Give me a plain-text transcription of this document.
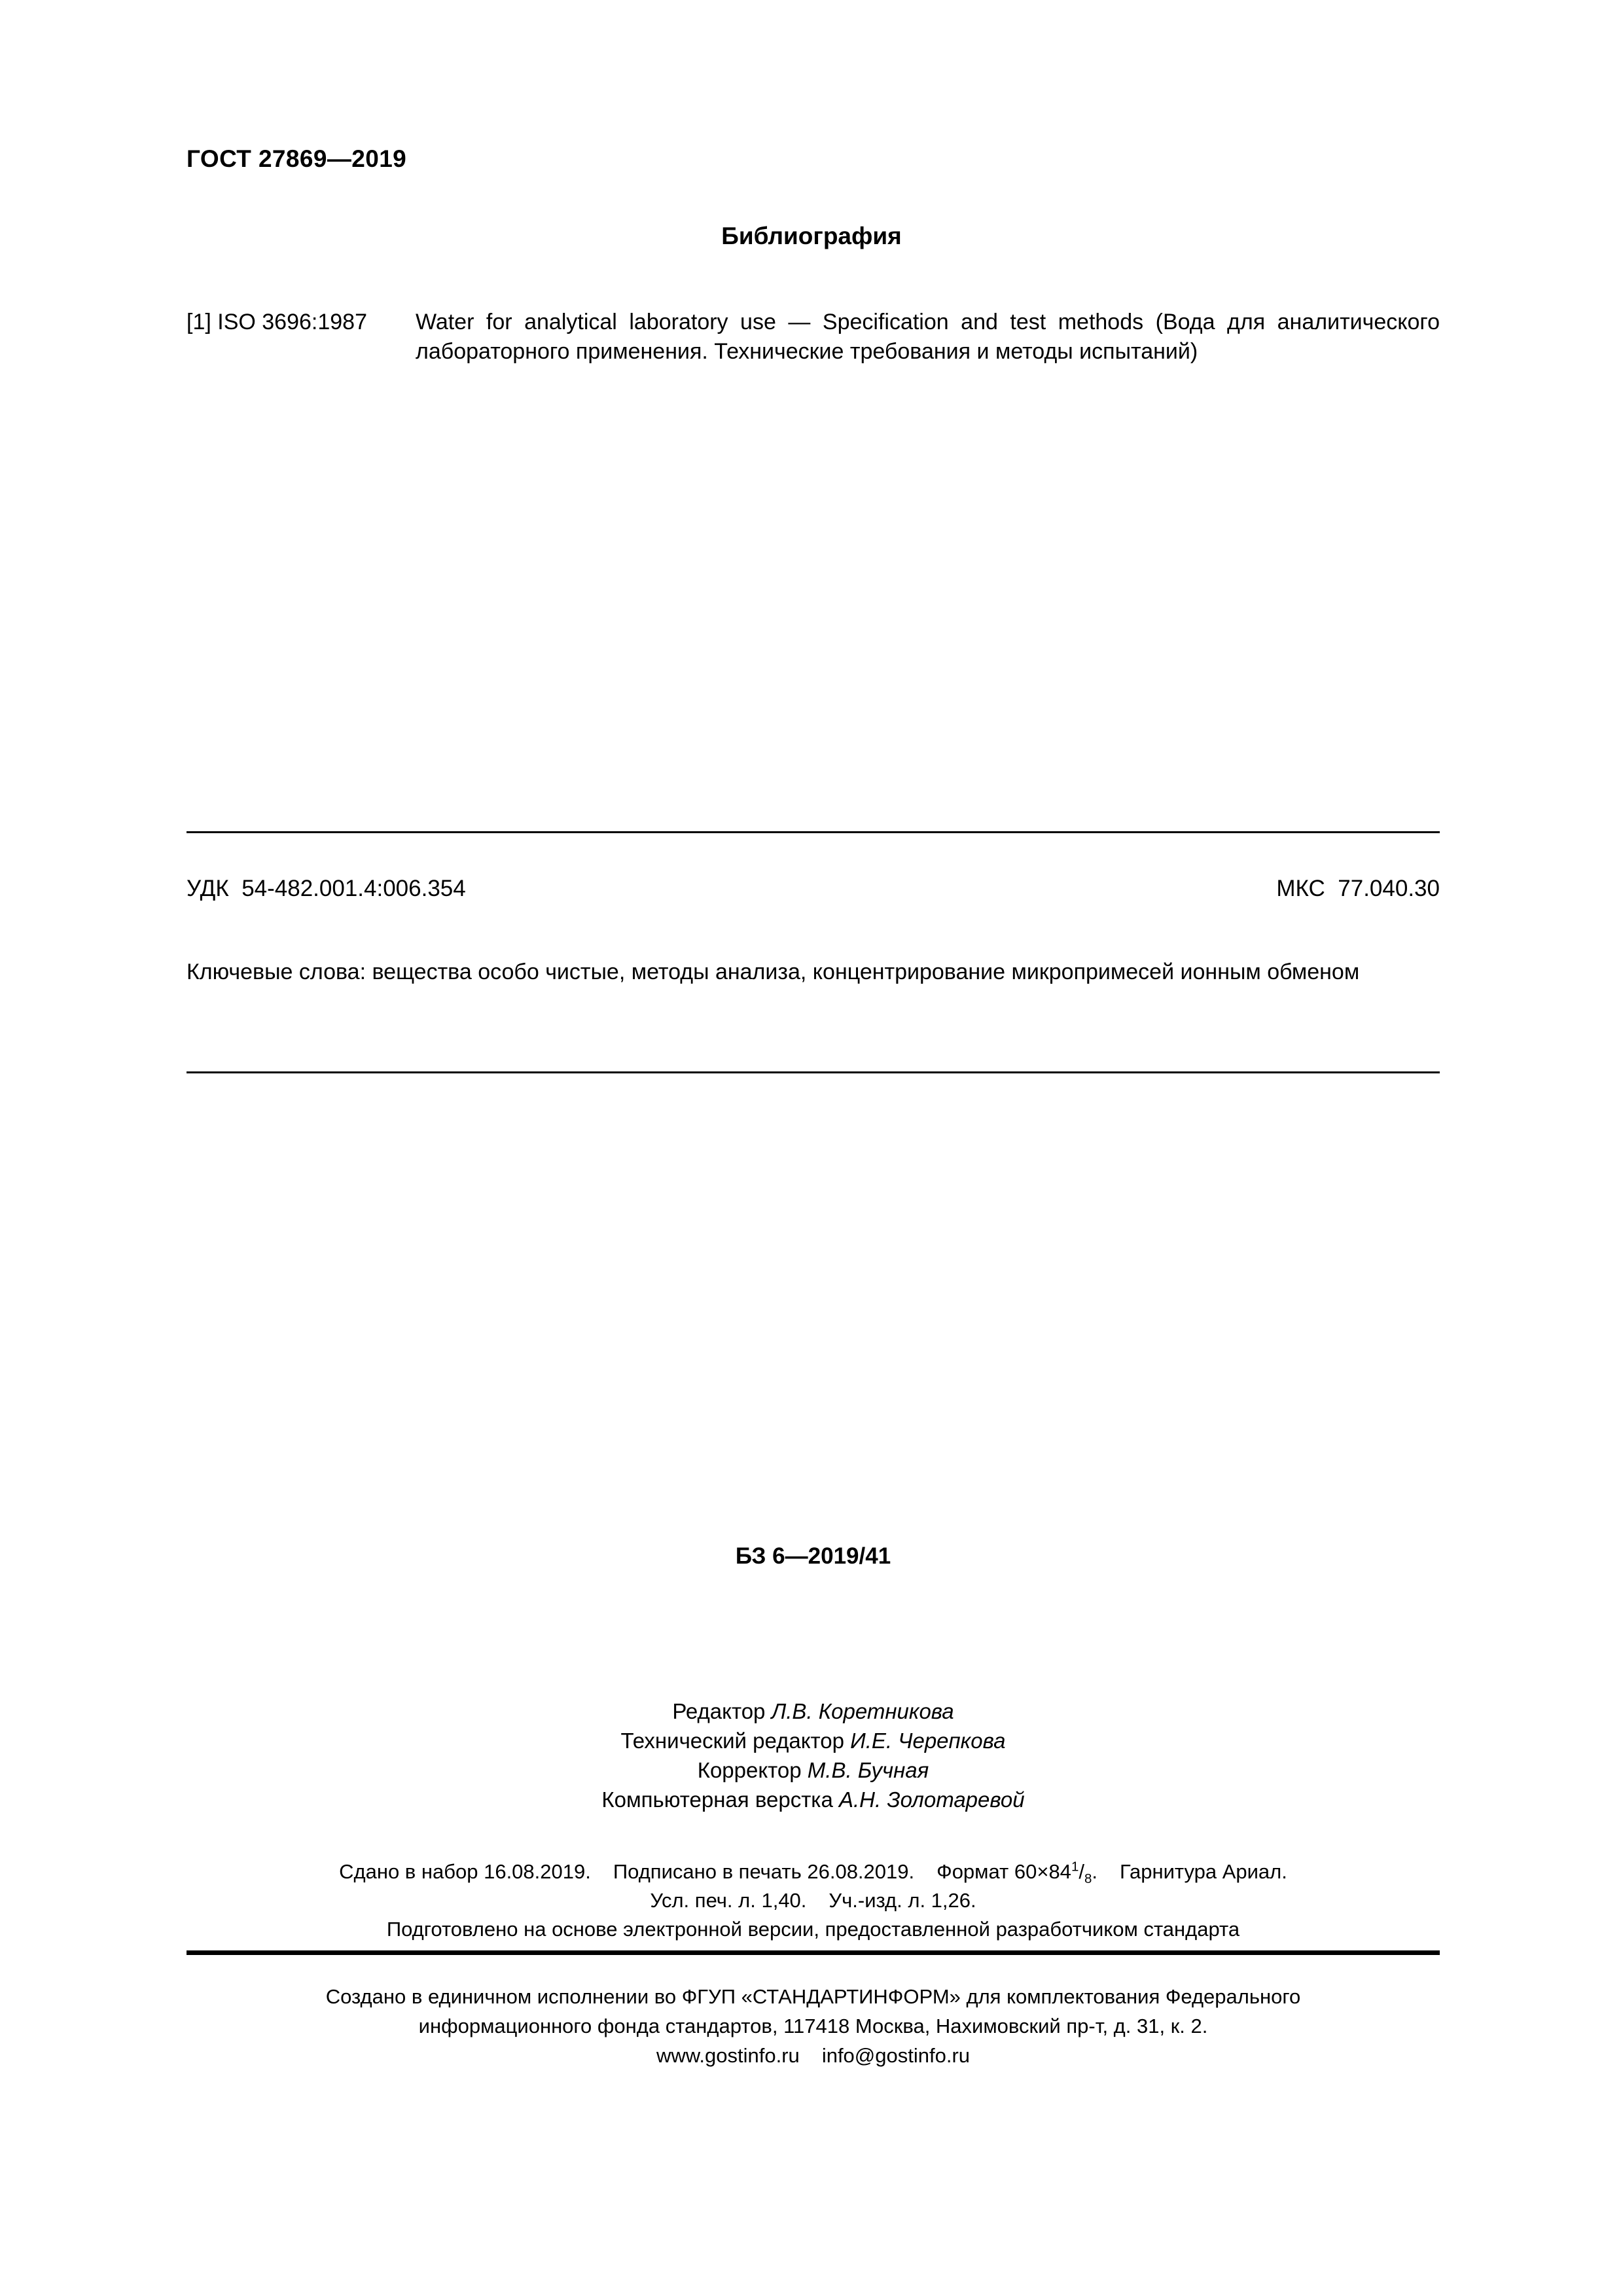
ГОСТ 27869—2019
Библиография
[1] ISO 3696:1987 Water for analytical laboratory use — Specification and test methods (Вода для аналитического лабораторного применения. Технические требования и методы испытаний)
УДК  54-482.001.4:006.354	МКС  77.040.30
Ключевые слова: вещества особо чистые, методы анализа, концентрирование микропримесей ионным обменом
БЗ 6—2019/41
Редактор Л.В. Коретникова
Технический редактор И.Е. Черепкова
Корректор М.В. Бучная
Компьютерная верстка А.Н. Золотаревой
Сдано в набор 16.08.2019. Подписано в печать 26.08.2019. Формат $60\times 84^1/_8$. Гарнитура Ариал.
Усл. печ. л. 1,40. Уч.-изд. л. 1,26.
Подготовлено на основе электронной версии, предоставленной разработчиком стандарта
Создано в единичном исполнении во ФГУП «СТАНДАРТИНФОРМ» для комплектования Федерального
информационного фонда стандартов, 117418 Москва, Нахимовский пр-т, д. 31, к. 2.
www.gostinfo.ru info@gostinfo.ru
